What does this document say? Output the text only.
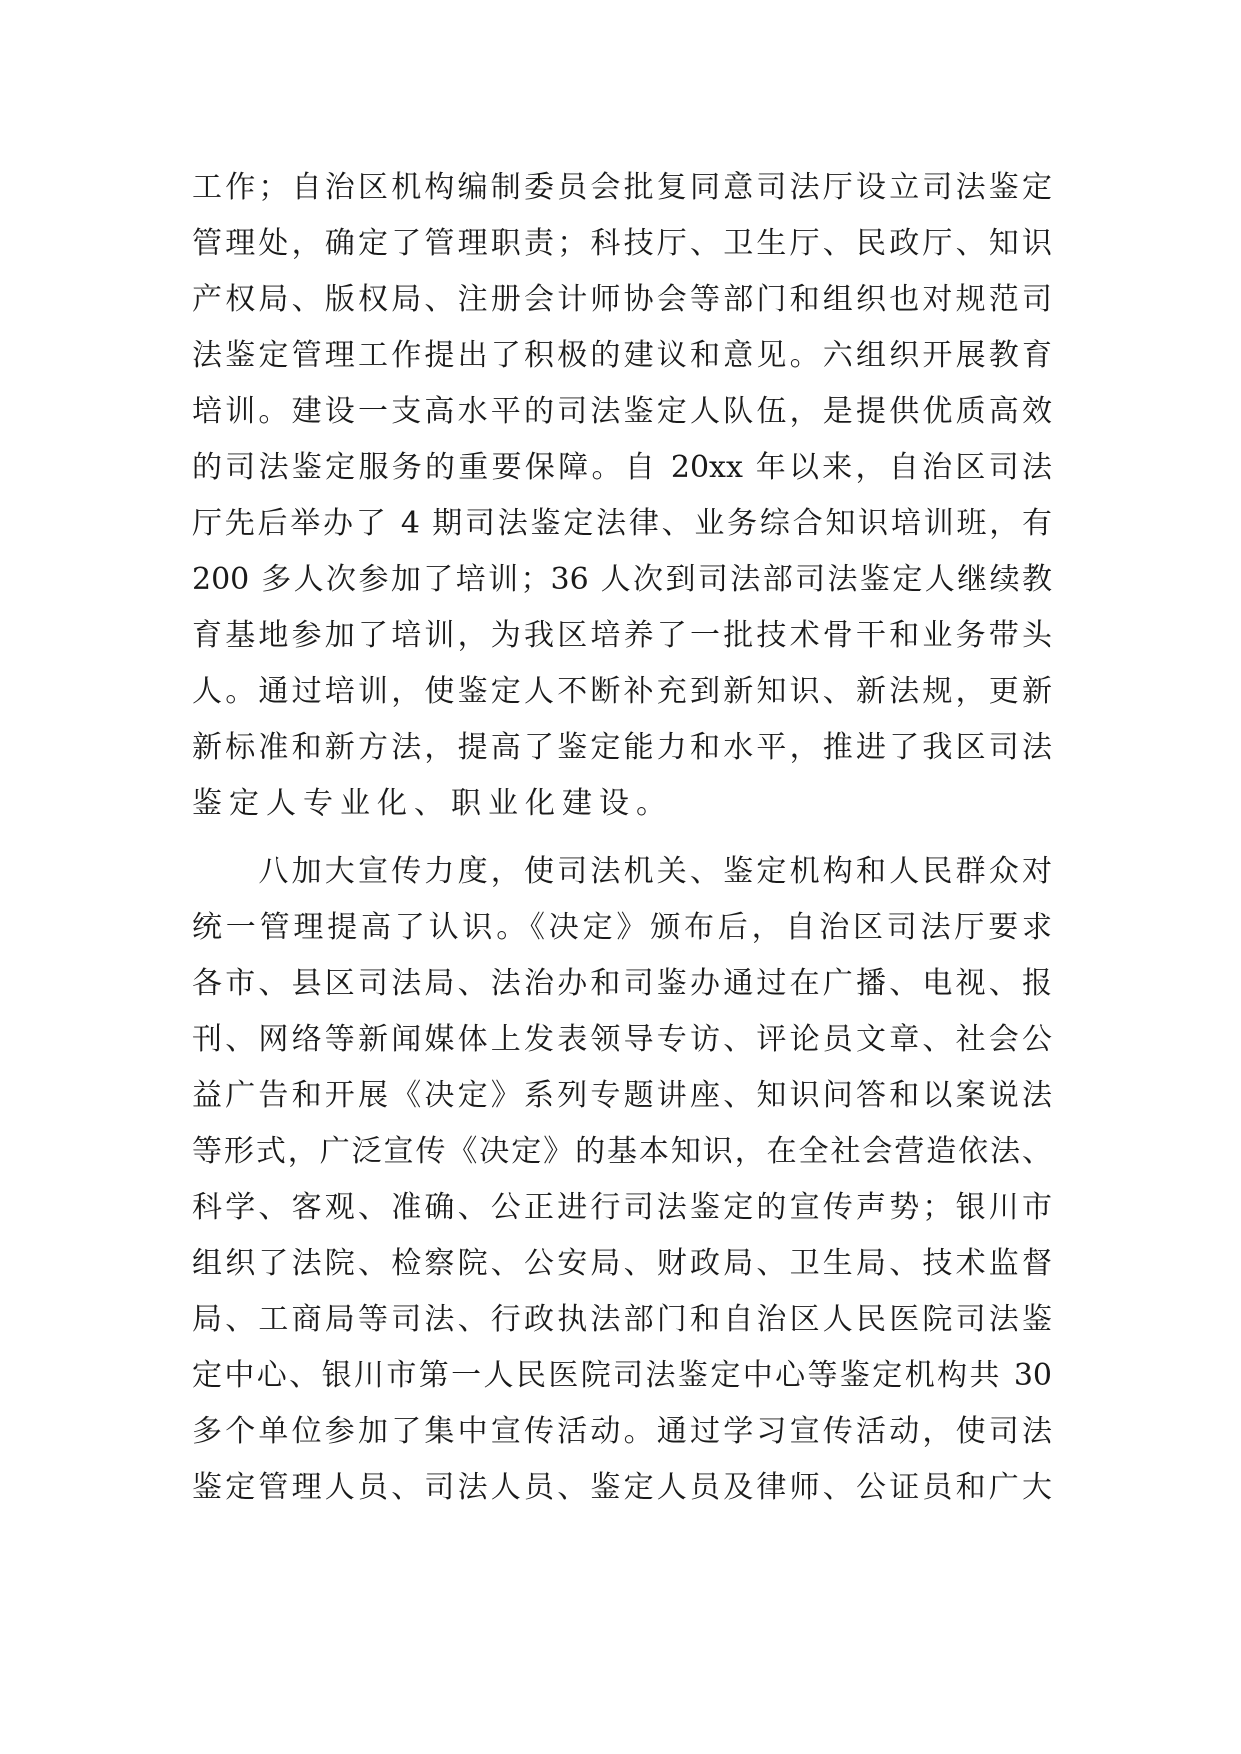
工作；自治区机构编制委员会批复同意司法厅设立司法鉴定
管理处，确定了管理职责；科技厅、卫生厅、民政厅、知识
产权局、版权局、注册会计师协会等部门和组织也对规范司
法鉴定管理工作提出了积极的建议和意见。六组织开展教育
培训。建设一支高水平的司法鉴定人队伍，是提供优质高效
的司法鉴定服务的重要保障。自 20xx 年以来，自治区司法
厅先后举办了 4 期司法鉴定法律、业务综合知识培训班，有
200 多人次参加了培训；36 人次到司法部司法鉴定人继续教
育基地参加了培训，为我区培养了一批技术骨干和业务带头
人。通过培训，使鉴定人不断补充到新知识、新法规，更新
新标准和新方法，提高了鉴定能力和水平，推进了我区司法
鉴定人专业化、职业化建设。
　　八加大宣传力度，使司法机关、鉴定机构和人民群众对
统一管理提高了认识。《决定》颁布后，自治区司法厅要求
各市、县区司法局、法治办和司鉴办通过在广播、电视、报
刊、网络等新闻媒体上发表领导专访、评论员文章、社会公
益广告和开展《决定》系列专题讲座、知识问答和以案说法
等形式，广泛宣传《决定》的基本知识，在全社会营造依法、
科学、客观、准确、公正进行司法鉴定的宣传声势；银川市
组织了法院、检察院、公安局、财政局、卫生局、技术监督
局、工商局等司法、行政执法部门和自治区人民医院司法鉴
定中心、银川市第一人民医院司法鉴定中心等鉴定机构共 30
多个单位参加了集中宣传活动。通过学习宣传活动，使司法
鉴定管理人员、司法人员、鉴定人员及律师、公证员和广大
